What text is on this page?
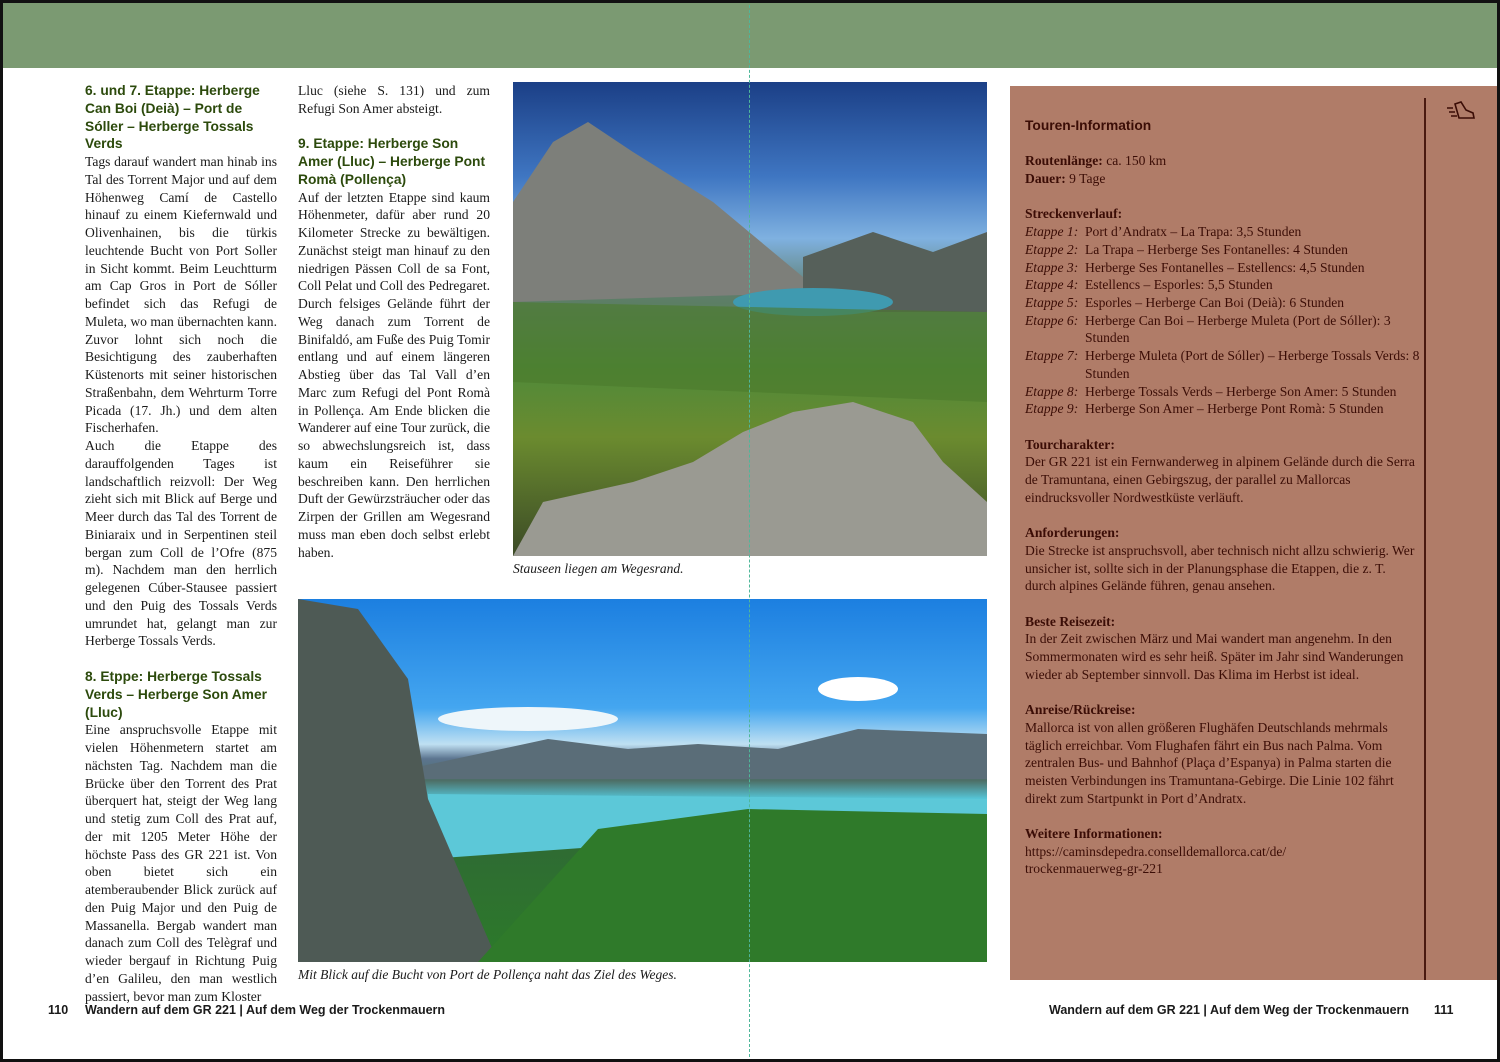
6. und 7. Etappe: Herberge Can Boi (Deià) – Port de Sóller – Herberge Tossals Verds

Tags darauf wandert man hinab ins Tal des Torrent Major und auf dem Höhenweg Camí de Castello hinauf zu einem Kiefernwald und Olivenhainen, bis die türkis leuchtende Bucht von Port Soller in Sicht kommt. Beim Leuchtturm am Cap Gros in Port de Sóller befindet sich das Refugi de Muleta, wo man übernachten kann. Zuvor lohnt sich noch die Besichtigung des zauberhaften Küstenorts mit seiner historischen Straßenbahn, dem Wehrturm Torre Picada (17. Jh.) und dem alten Fischerhafen.

Auch die Etappe des darauffolgenden Tages ist landschaftlich reizvoll: Der Weg zieht sich mit Blick auf Berge und Meer durch das Tal des Torrent de Biniaraix und in Serpentinen steil bergan zum Coll de l’Ofre (875 m). Nachdem man den herrlich gelegenen Cúber-Stausee passiert und den Puig des Tossals Verds umrundet hat, gelangt man zur Herberge Tossals Verds.

8. Etppe: Herberge Tossals Verds – Herberge Son Amer (Lluc)

Eine anspruchsvolle Etappe mit vielen Höhenmetern startet am nächsten Tag. Nachdem man die Brücke über den Torrent des Prat überquert hat, steigt der Weg lang und stetig zum Coll des Prat auf, der mit 1205 Meter Höhe der höchste Pass des GR 221 ist. Von oben bietet sich ein atemberaubender Blick zurück auf den Puig Major und den Puig de Massanella. Bergab wandert man danach zum Coll des Telègraf und wieder bergauf in Richtung Puig d’en Galileu, den man westlich passiert, bevor man zum Kloster

Lluc (siehe S. 131) und zum Refugi Son Amer absteigt.

9. Etappe: Herberge Son Amer (Lluc) – Herberge Pont Romà (Pollença)

Auf der letzten Etappe sind kaum Höhenmeter, dafür aber rund 20 Kilometer Strecke zu bewältigen. Zunächst steigt man hinauf zu den niedrigen Pässen Coll de sa Font, Coll Pelat und Coll des Pedregaret. Durch felsiges Gelände führt der Weg danach zum Torrent de Binifaldó, am Fuße des Puig Tomir entlang und auf einem längeren Abstieg über das Tal Vall d’en Marc zum Refugi del Pont Romà in Pollença. Am Ende blicken die Wanderer auf eine Tour zurück, die so abwechslungsreich ist, dass kaum ein Reiseführer sie beschreiben kann. Den herrlichen Duft der Gewürzsträucher oder das Zirpen der Grillen am Wegesrand muss man eben doch selbst erlebt haben.

Stauseen liegen am Wegesrand.
Mit Blick auf die Bucht von Port de Pollença naht das Ziel des Weges.
Touren-Information
Routenlänge: ca. 150 km
Dauer: 9 Tage
Streckenverlauf:
Etappe 1: Port d’Andratx – La Trapa: 3,5 Stunden
Etappe 2: La Trapa – Herberge Ses Fontanelles: 4 Stunden
Etappe 3: Herberge Ses Fontanelles – Estellencs: 4,5 Stunden
Etappe 4: Estellencs – Esporles: 5,5 Stunden
Etappe 5: Esporles – Herberge Can Boi (Deià): 6 Stunden
Etappe 6: Herberge Can Boi – Herberge Muleta (Port de Sóller): 3 Stunden
Etappe 7: Herberge Muleta (Port de Sóller) – Herberge Tossals Verds: 8 Stunden
Etappe 8: Herberge Tossals Verds – Herberge Son Amer: 5 Stunden
Etappe 9: Herberge Son Amer – Herberge Pont Romà: 5 Stunden
Tourcharakter:
Der GR 221 ist ein Fernwanderweg in alpinem Gelände durch die Serra de Tramuntana, einen Gebirgszug, der parallel zu Mallorcas eindrucksvoller Nordwestküste verläuft.
Anforderungen:
Die Strecke ist anspruchsvoll, aber technisch nicht allzu schwierig. Wer unsicher ist, sollte sich in der Planungsphase die Etappen, die z. T. durch alpines Gelände führen, genau ansehen.
Beste Reisezeit:
In der Zeit zwischen März und Mai wandert man angenehm. In den Sommermonaten wird es sehr heiß. Später im Jahr sind Wanderungen wieder ab September sinnvoll. Das Klima im Herbst ist ideal.
Anreise/Rückreise:
Mallorca ist von allen größeren Flughäfen Deutschlands mehrmals täglich erreichbar. Vom Flughafen fährt ein Bus nach Palma. Vom zentralen Bus- und Bahnhof (Plaça d’Espanya) in Palma starten die meisten Verbindungen ins Tramuntana-Gebirge. Die Linie 102 fährt direkt zum Startpunkt in Port d’Andratx.
Weitere Informationen:
https://caminsdepedra.conselldemallorca.cat/de/
trockenmauerweg-gr-221
110 Wandern auf dem GR 221 | Auf dem Weg der Trockenmauern	Wandern auf dem GR 221 | Auf dem Weg der Trockenmauern 111
